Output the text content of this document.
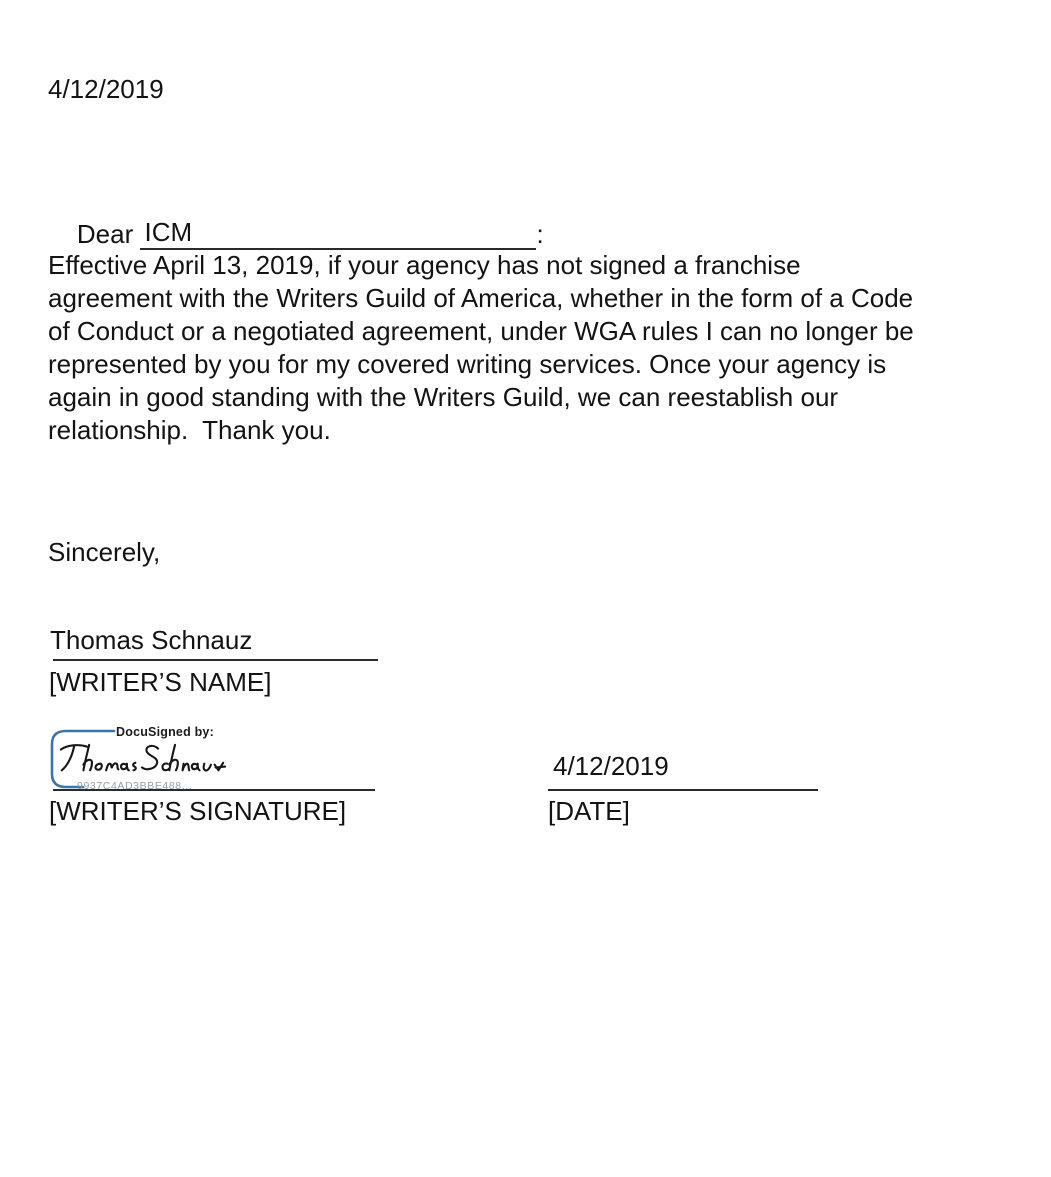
4/12/2019

Dear ICM	:

Effective April 13, 2019, if your agency has not signed a franchise
agreement with the Writers Guild of America, whether in the form of a Code
of Conduct or a negotiated agreement, under WGA rules I can no longer be
represented by you for my covered writing services. Once your agency is
again in good standing with the Writers Guild, we can reestablish our
relationship.  Thank you.
Sincerely,
Thomas Schnauz
[WRITER’S NAME]
DocuSigned by:
9937C4AD3BBE488...
[WRITER’S SIGNATURE]
4/12/2019
[DATE]
